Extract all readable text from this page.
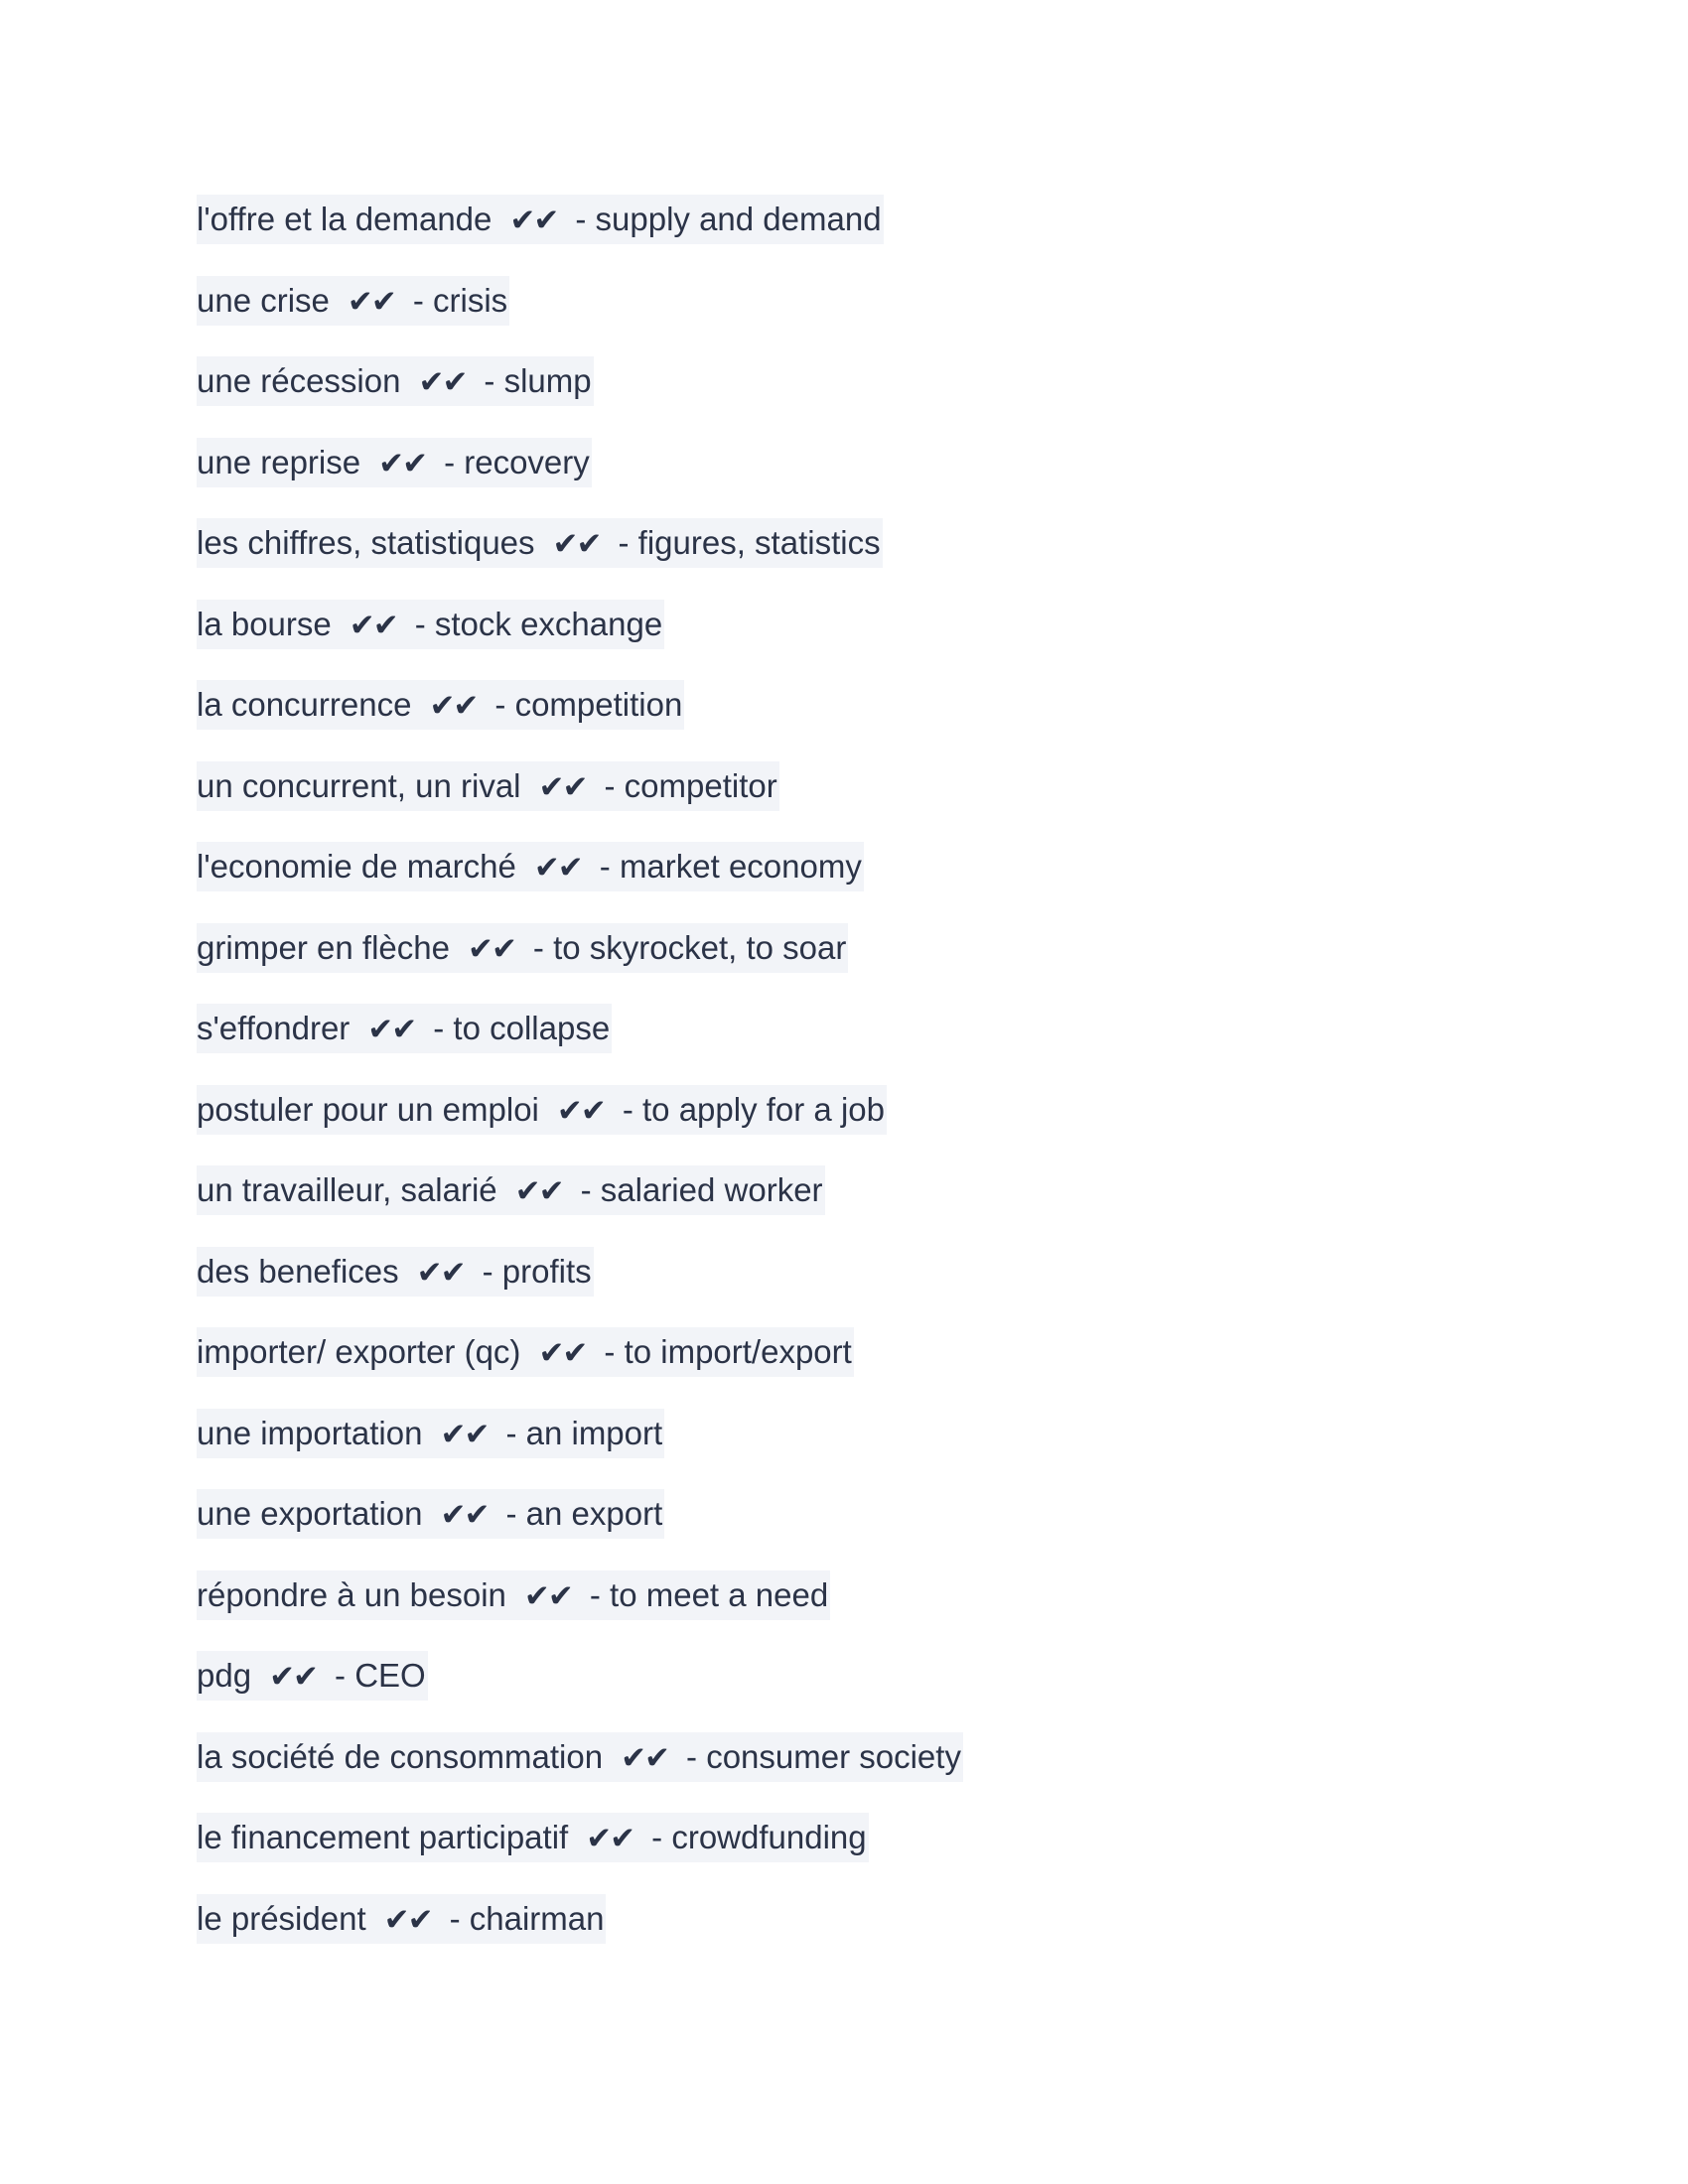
l'offre et la demande ✔✔ - supply and demand
une crise ✔✔ - crisis
une récession ✔✔ - slump
une reprise ✔✔ - recovery
les chiffres, statistiques ✔✔ - figures, statistics
la bourse ✔✔ - stock exchange
la concurrence ✔✔ - competition
un concurrent, un rival ✔✔ - competitor
l'economie de marché ✔✔ - market economy
grimper en flèche ✔✔ - to skyrocket, to soar
s'effondrer ✔✔ - to collapse
postuler pour un emploi ✔✔ - to apply for a job
un travailleur, salarié ✔✔ - salaried worker
des benefices ✔✔ - profits
importer/ exporter (qc) ✔✔ - to import/export
une importation ✔✔ - an import
une exportation ✔✔ - an export
répondre à un besoin ✔✔ - to meet a need
pdg ✔✔ - CEO
la société de consommation ✔✔ - consumer society
le financement participatif ✔✔ - crowdfunding
le président ✔✔ - chairman
